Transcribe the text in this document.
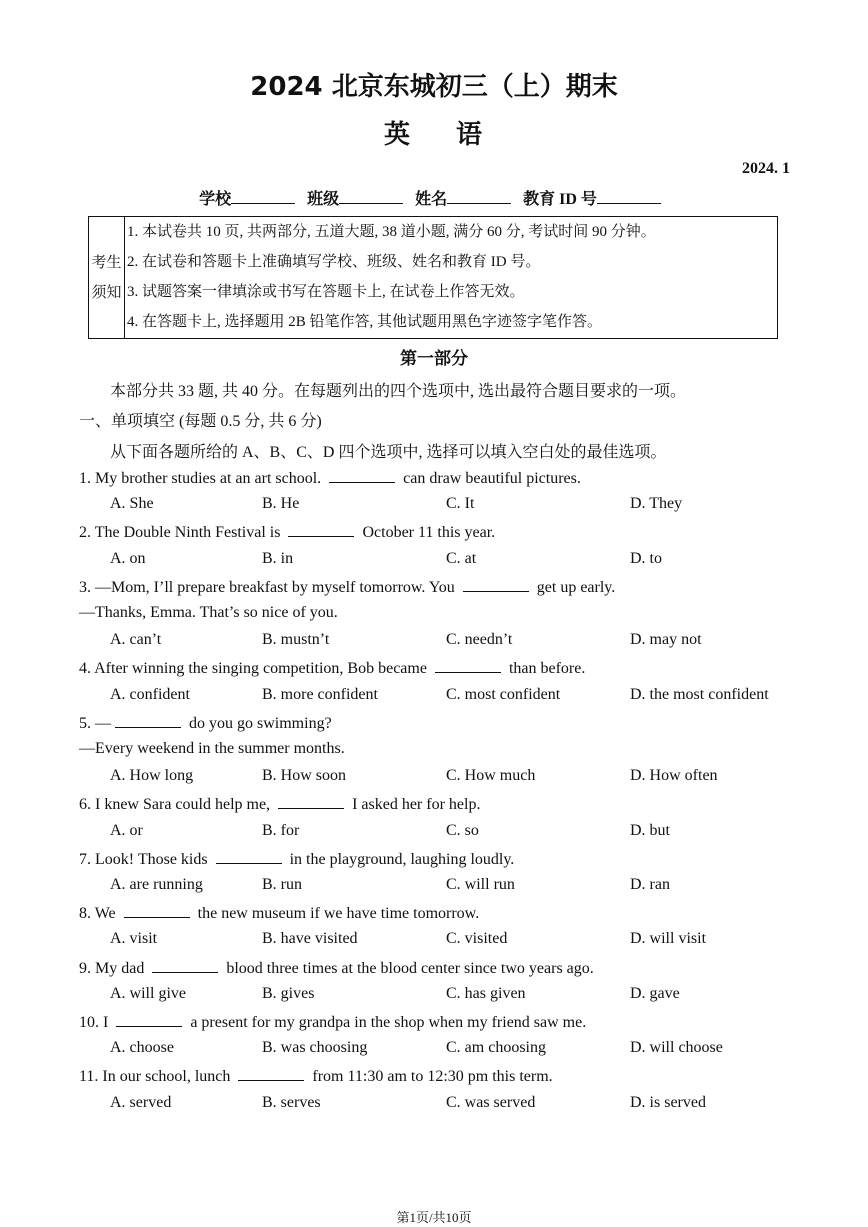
2024 北京东城初三（上）期末
英 语
2024. 1
学校	班级	姓名	教育 ID 号
考生
须知
1. 本试卷共 10 页, 共两部分, 五道大题, 38 道小题, 满分 60 分, 考试时间 90 分钟。
2. 在试卷和答题卡上准确填写学校、班级、姓名和教育 ID 号。
3. 试题答案一律填涂或书写在答题卡上, 在试卷上作答无效。
4. 在答题卡上, 选择题用 2B 铅笔作答, 其他试题用黑色字迹签字笔作答。
第一部分
本部分共 33 题, 共 40 分。在每题列出的四个选项中, 选出最符合题目要求的一项。
一、单项填空 (每题 0.5 分, 共 6 分)
从下面各题所给的 A、B、C、D 四个选项中, 选择可以填入空白处的最佳选项。
1. My brother studies at an art school.	can draw beautiful pictures.
A. She	B. He	C. It	D. They
2. The Double Ninth Festival is	October 11 this year.
A. on	B. in	C. at	D. to
3. —Mom, I’ll prepare breakfast by myself tomorrow. You	get up early.
—Thanks, Emma. That’s so nice of you.
A. can’t	B. mustn’t	C. needn’t	D. may not
4. After winning the singing competition, Bob became	than before.
A. confident	B. more confident	C. most confident	D. the most confident
5. —	do you go swimming?
—Every weekend in the summer months.
A. How long	B. How soon	C. How much	D. How often
6. I knew Sara could help me,	I asked her for help.
A. or	B. for	C. so	D. but
7. Look! Those kids	in the playground, laughing loudly.
A. are running	B. run	C. will run	D. ran
8. We	the new museum if we have time tomorrow.
A. visit	B. have visited	C. visited	D. will visit
9. My dad	blood three times at the blood center since two years ago.
A. will give	B. gives	C. has given	D. gave
10. I	a present for my grandpa in the shop when my friend saw me.
A. choose	B. was choosing	C. am choosing	D. will choose
11. In our school, lunch	from 11:30 am to 12:30 pm this term.
A. served	B. serves	C. was served	D. is served
第1页/共10页
